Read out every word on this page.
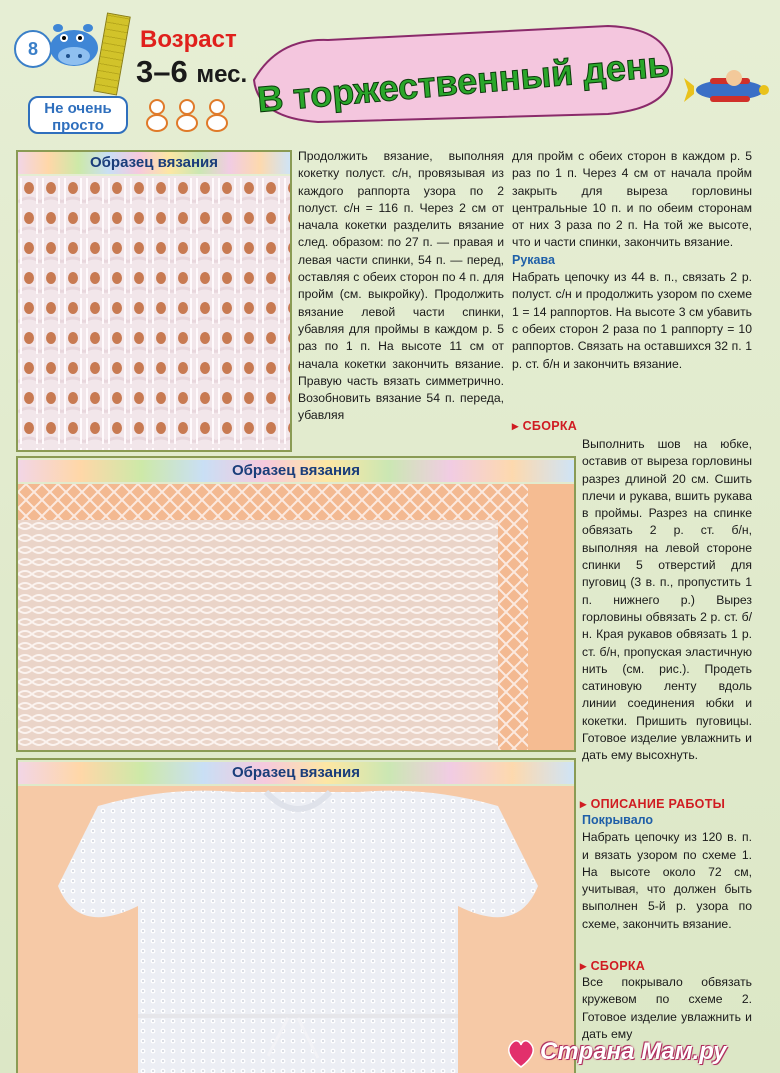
8	Возраст
3–6 мес.
Не очень просто
В торжественный день
Образец вязания	Продолжить вязание, выполняя кокетку полуст. с/н, провязывая из каждого раппорта узора по 2 полуст. с/н = 116 п. Через 2 см от начала кокетки разделить вязание след. образом: по 27 п. — правая и левая части спинки, 54 п. — перед, оставляя с обеих сторон по 4 п. для пройм (см. выкройку). Продолжить вязание левой части спинки, убавляя для проймы в каждом р. 5 раз по 1 п. На высоте 11 см от начала кокетки закончить вязание. Правую часть вязать симметрично. Возобновить вязание 54 п. переда, убавляя

для пройм с обеих сторон в каждом р. 5 раз по 1 п. Через 4 см от начала пройм закрыть для выреза горловины центральные 10 п. и по обеим сторонам от них 3 раза по 2 п. На той же высоте, что и части спинки, закончить вязание.

Рукава

Набрать цепочку из 44 в. п., связать 2 р. полуст. с/н и продолжить узором по схеме 1 = 14 раппортов. На высоте 3 см убавить с обеих сторон 2 раза по 1 раппорту = 10 раппортов. Связать на оставшихся 32 п. 1 р. ст. б/н и закончить вязание.

▸ СБОРКА
Образец вязания

Выполнить шов на юбке, оставив от выреза горловины разрез длиной 20 см. Сшить плечи и рукава, вшить рукава в проймы. Разрез на спинке обвязать 2 р. ст. б/н, выполняя на левой стороне спинки 5 отверстий для пуговиц (3 в. п., пропустить 1 п. нижнего р.) Вырез горловины обвязать 2 р. ст. б/н. Края рукавов обвязать 1 р. ст. б/н, пропуская эластичную нить (см. рис.). Продеть сатиновую ленту вдоль линии соединения юбки и кокетки. Пришить пуговицы. Готовое изделие увлажнить и дать ему высохнуть.

▸ ОПИСАНИЕ РАБОТЫ

Покрывало

Набрать цепочку из 120 в. п. и вязать узором по схеме 1. На высоте около 72 см, учитывая, что должен быть выполнен 5-й р. узора по схеме, закончить вязание.

▸ СБОРКА

Все покрывало обвязать кружевом по схеме 2. Готовое изделие увлажнить и дать ему

Образец вязания
Страна Мам.ру
